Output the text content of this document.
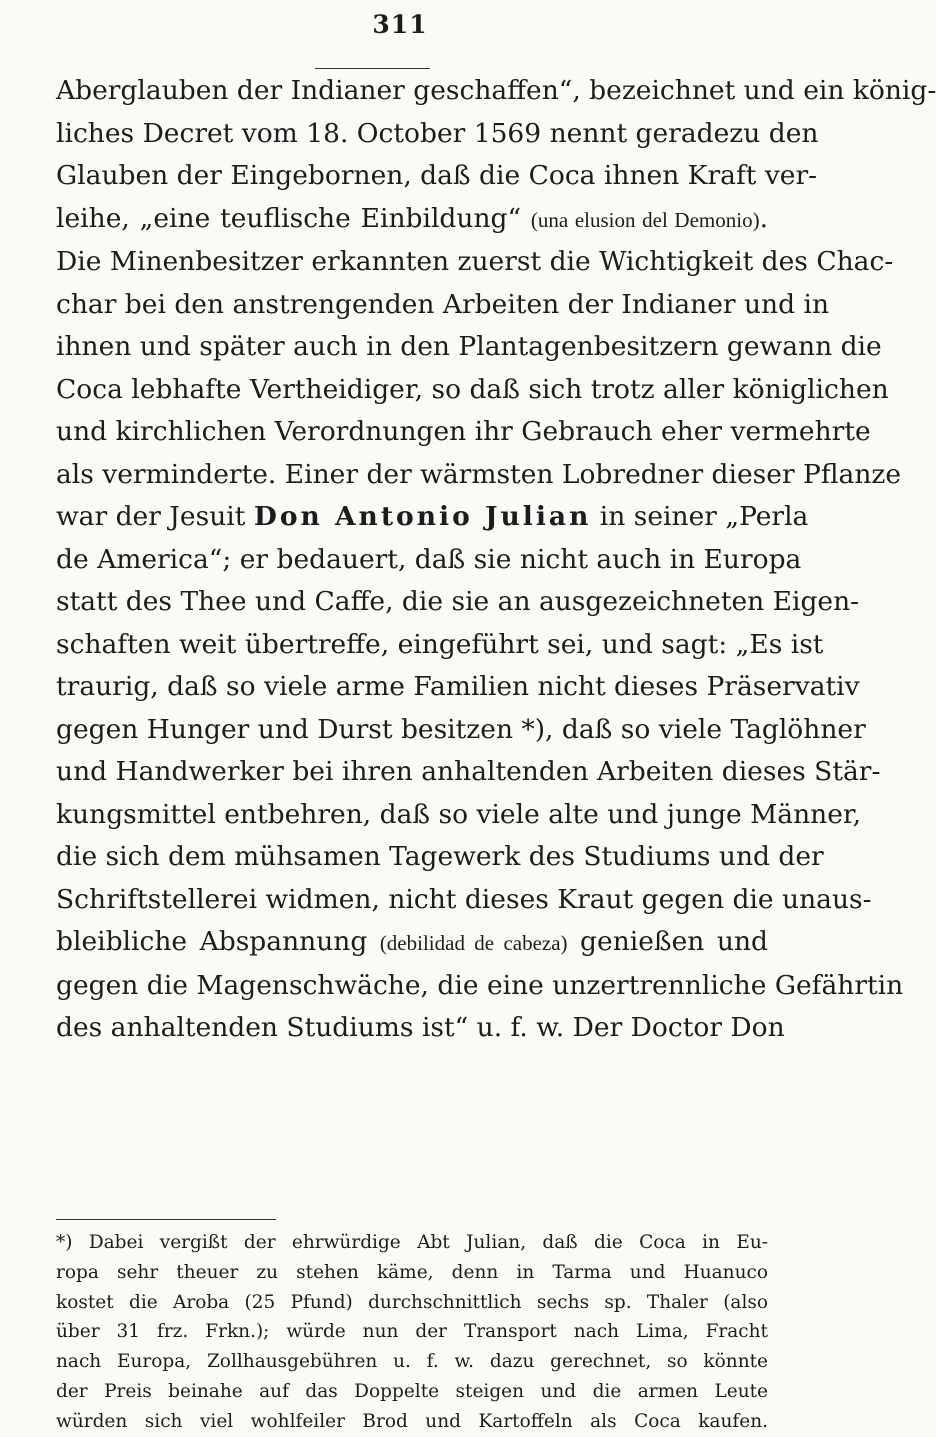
311
Aberglauben der Indianer geschaffen“, bezeichnet und ein könig-
liches Decret vom 18. October 1569 nennt geradezu den
Glauben der Eingebornen, daß die Coca ihnen Kraft ver-
leihe, „eine teuflische Einbildung“ (una elusion del Demonio).
Die Minenbesitzer erkannten zuerst die Wichtigkeit des Chac-
char bei den anstrengenden Arbeiten der Indianer und in
ihnen und später auch in den Plantagenbesitzern gewann die
Coca lebhafte Vertheidiger, so daß sich trotz aller königlichen
und kirchlichen Verordnungen ihr Gebrauch eher vermehrte
als verminderte. Einer der wärmsten Lobredner dieser Pflanze
war der Jesuit Don Antonio Julian in seiner „Perla
de America“; er bedauert, daß sie nicht auch in Europa
statt des Thee und Caffe, die sie an ausgezeichneten Eigen-
schaften weit übertreffe, eingeführt sei, und sagt: „Es ist
traurig, daß so viele arme Familien nicht dieses Präservativ
gegen Hunger und Durst besitzen *), daß so viele Taglöhner
und Handwerker bei ihren anhaltenden Arbeiten dieses Stär-
kungsmittel entbehren, daß so viele alte und junge Männer,
die sich dem mühsamen Tagewerk des Studiums und der
Schriftstellerei widmen, nicht dieses Kraut gegen die unaus-
bleibliche Abspannung (debilidad de cabeza) genießen und
gegen die Magenschwäche, die eine unzertrennliche Gefährtin
des anhaltenden Studiums ist“ u. f. w. Der Doctor Don
*) Dabei vergißt der ehrwürdige Abt Julian, daß die Coca in Eu-
ropa sehr theuer zu stehen käme, denn in Tarma und Huanuco
kostet die Aroba (25 Pfund) durchschnittlich sechs sp. Thaler (also
über 31 frz. Frkn.); würde nun der Transport nach Lima, Fracht
nach Europa, Zollhausgebühren u. f. w. dazu gerechnet, so könnte
der Preis beinahe auf das Doppelte steigen und die armen Leute
würden sich viel wohlfeiler Brod und Kartoffeln als Coca kaufen.
